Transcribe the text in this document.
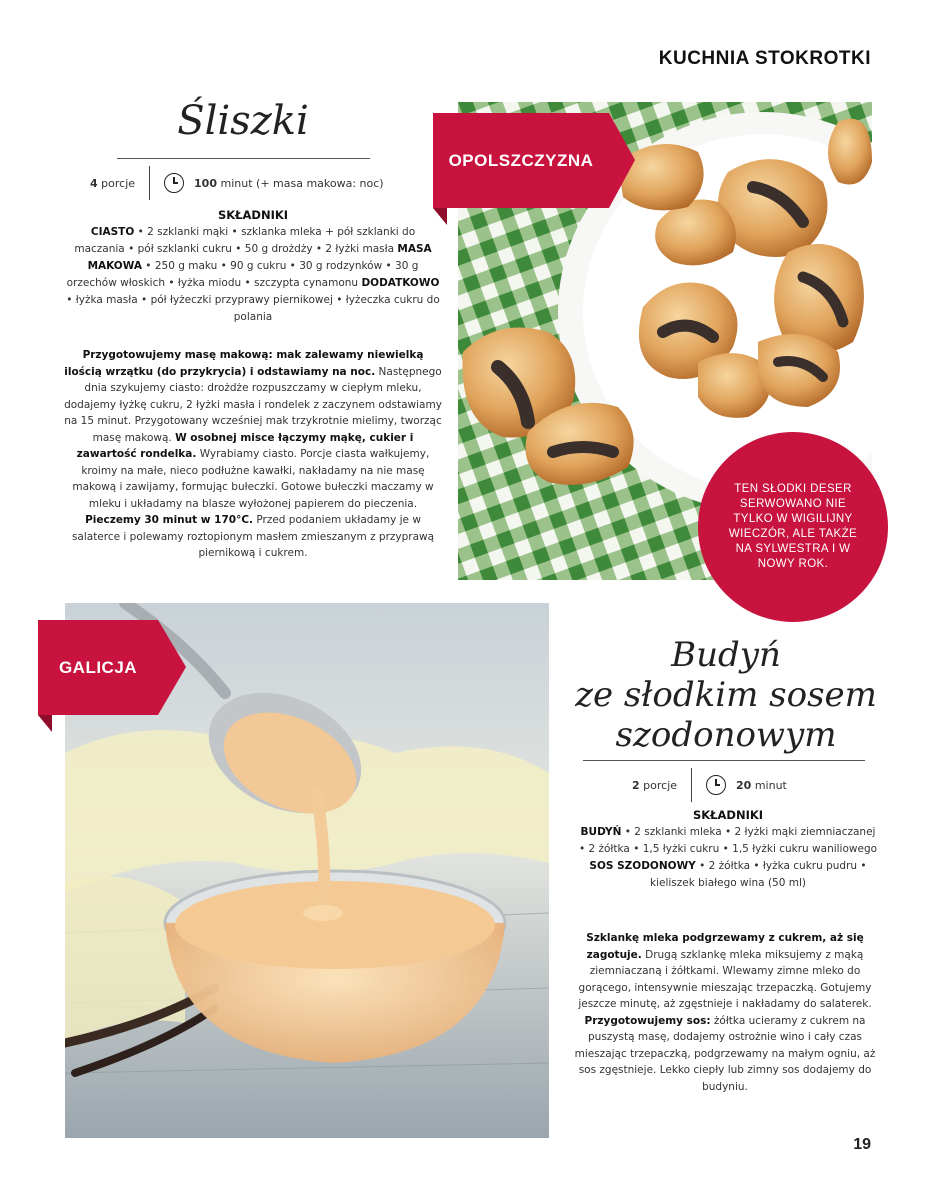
KUCHNIA STOKROTKI
Śliszki
4 porcje	100 minut (+ masa makowa: noc)
SKŁADNIKI
CIASTO • 2 szklanki mąki • szklanka mleka + pół szklanki do maczania • pół szklanki cukru • 50 g drożdży • 2 łyżki masła MASA MAKOWA • 250 g maku • 90 g cukru • 30 g rodzynków • 30 g orzechów włoskich • łyżka miodu • szczypta cynamonu DODATKOWO • łyżka masła • pół łyżeczki przyprawy piernikowej • łyżeczka cukru do polania
Przygotowujemy masę makową: mak zalewamy niewielką ilością wrzątku (do przykrycia) i odstawiamy na noc. Następnego dnia szykujemy ciasto: drożdże rozpuszczamy w ciepłym mleku, dodajemy łyżkę cukru, 2 łyżki masła i rondelek z zaczynem odstawiamy na 15 minut. Przygotowany wcześniej mak trzykrotnie mielimy, tworząc masę makową. W osobnej misce łączymy mąkę, cukier i zawartość rondelka. Wyrabiamy ciasto. Porcje ciasta wałkujemy, kroimy na małe, nieco podłużne kawałki, nakładamy na nie masę makową i zawijamy, formując bułeczki. Gotowe bułeczki maczamy w mleku i układamy na blasze wyłożonej papierem do pieczenia. Pieczemy 30 minut w 170°C. Przed podaniem układamy je w salaterce i polewamy roztopionym masłem zmieszanym z przyprawą piernikową i cukrem.
OPOLSZCZYZNA
TEN SŁODKI DESER SERWOWANO NIE TYLKO W WIGILIJNY WIECZÓR, ALE TAKŻE NA SYLWESTRA I W NOWY ROK.
GALICJA	Budyń
ze słodkim sosem
szodonowym
2 porcje	20 minut
SKŁADNIKI
BUDYŃ • 2 szklanki mleka • 2 łyżki mąki ziemniaczanej • 2 żółtka • 1,5 łyżki cukru • 1,5 łyżki cukru waniliowego SOS SZODONOWY • 2 żółtka • łyżka cukru pudru • kieliszek białego wina (50 ml)
Szklankę mleka podgrzewamy z cukrem, aż się zagotuje. Drugą szklankę mleka miksujemy z mąką ziemniaczaną i żółtkami. Wlewamy zimne mleko do gorącego, intensywnie mieszając trzepaczką. Gotujemy jeszcze minutę, aż zgęstnieje i nakładamy do salaterek. Przygotowujemy sos: żółtka ucieramy z cukrem na puszystą masę, dodajemy ostrożnie wino i cały czas mieszając trzepaczką, podgrzewamy na małym ogniu, aż sos zgęstnieje. Lekko ciepły lub zimny sos dodajemy do budyniu.
19
